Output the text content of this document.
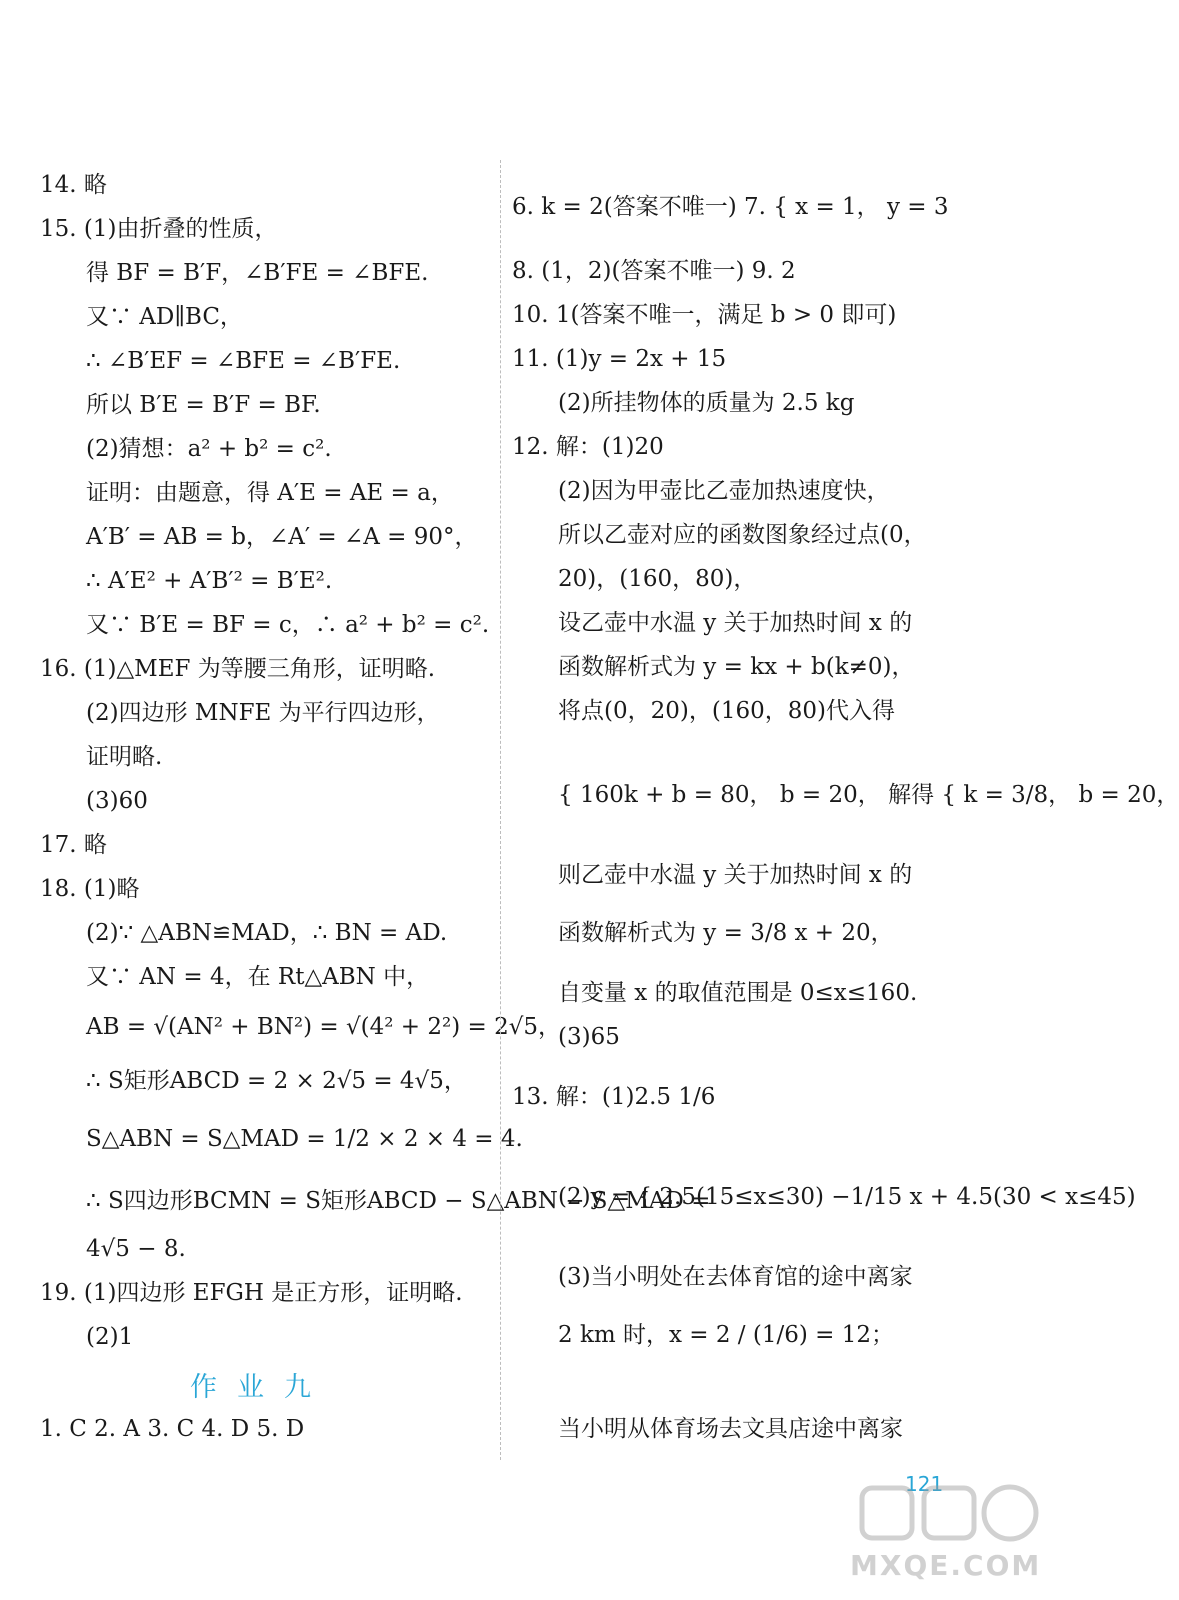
14. 略
15. (1)由折叠的性质，
得 BF = B′F，∠B′FE = ∠BFE.
又∵ AD∥BC，
∴ ∠B′EF = ∠BFE = ∠B′FE.
所以 B′E = B′F = BF.
(2)猜想：a² + b² = c².
证明：由题意，得 A′E = AE = a，
A′B′ = AB = b，∠A′ = ∠A = 90°，
∴ A′E² + A′B′² = B′E².
又∵ B′E = BF = c，∴ a² + b² = c².
16. (1)△MEF 为等腰三角形，证明略.
(2)四边形 MNFE 为平行四边形，
证明略.
(3)60
17. 略
18. (1)略
(2)∵ △ABN≌MAD，∴ BN = AD.
又∵ AN = 4，在 Rt△ABN 中，
AB = √(AN² + BN²) = √(4² + 2²) = 2√5，
∴ S矩形ABCD = 2 × 2√5 = 4√5，
S△ABN = S△MAD = 1/2 × 2 × 4 = 4.
∴ S四边形BCMN = S矩形ABCD − S△ABN − S△MAD =
4√5 − 8.
19. (1)四边形 EFGH 是正方形，证明略.
(2)1
作业九
1. C 2. A 3. C 4. D 5. D
6. k = 2(答案不唯一) 7. { x = 1， y = 3
8. (1，2)(答案不唯一) 9. 2
10. 1(答案不唯一，满足 b > 0 即可)
11. (1)y = 2x + 15
(2)所挂物体的质量为 2.5 kg
12. 解：(1)20
(2)因为甲壶比乙壶加热速度快，
所以乙壶对应的函数图象经过点(0，
20)，(160，80)，
设乙壶中水温 y 关于加热时间 x 的
函数解析式为 y = kx + b(k≠0)，
将点(0，20)，(160，80)代入得
{ 160k + b = 80， b = 20， 解得 { k = 3/8， b = 20，
则乙壶中水温 y 关于加热时间 x 的
函数解析式为 y = 3/8 x + 20，
自变量 x 的取值范围是 0≤x≤160.
(3)65
13. 解：(1)2.5 1/6
(2)y = { 2.5(15≤x≤30) −1/15 x + 4.5(30 < x≤45)
(3)当小明处在去体育馆的途中离家
2 km 时，x = 2 / (1/6) = 12；
当小明从体育场去文具店途中离家
121
MXQE.COM
